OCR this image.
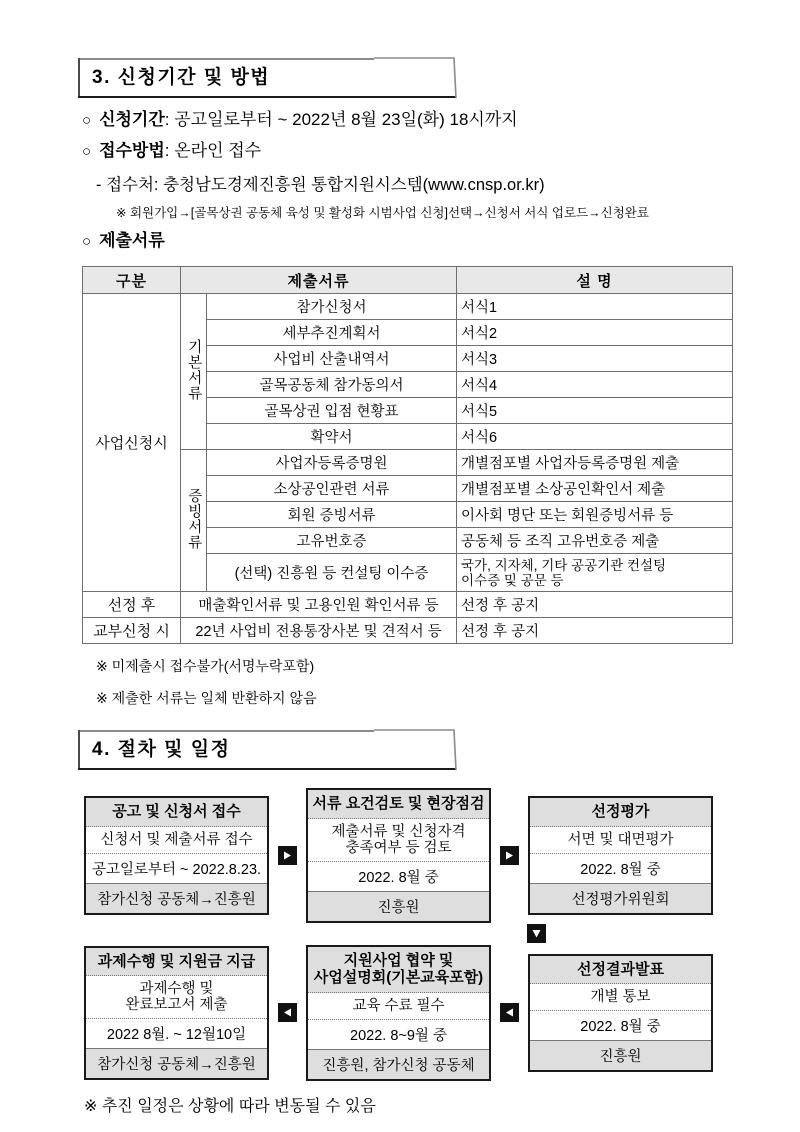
3. 신청기간 및 방법
○ 신청기간: 공고일로부터 ~ 2022년 8월 23일(화) 18시까지
○ 접수방법: 온라인 접수
- 접수처: 충청남도경제진흥원 통합지원시스템(www.cnsp.or.kr)
※ 회원가입→[골목상권 공동체 육성 및 활성화 시범사업 신청]선택→신청서 서식 업로드→신청완료
○ 제출서류
구분	제출서류		설 명
사업신청시	기본서류	참가신청서	서식1
		세부추진계획서	서식2
		사업비 산출내역서	서식3
		골목공동체 참가동의서	서식4
		골목상권 입점 현황표	서식5
		확약서	서식6
	증빙서류	사업자등록증명원	개별점포별 사업자등록증명원 제출
		소상공인관련 서류	개별점포별 소상공인확인서 제출
		회원 증빙서류	이사회 명단 또는 회원증빙서류 등
		고유번호증	공동체 등 조직 고유번호증 제출
		(선택) 진흥원 등 컨설팅 이수증	국가, 지자체, 기타 공공기관 컨설팅
이수증 및 공문 등
선정 후	매출확인서류 및 고용인원 확인서류 등		선정 후 공지
교부신청 시	22년 사업비 전용통장사본 및 견적서 등		선정 후 공지
※ 미제출시 접수불가(서명누락포함)
※ 제출한 서류는 일체 반환하지 않음
4. 절차 및 일정
공고 및 신청서 접수
신청서 및 제출서류 접수
공고일로부터 ~ 2022.8.23.
참가신청 공동체→진흥원
서류 요건검토 및 현장점검
제출서류 및 신청자격
충족여부 등 검토
2022. 8월 중
진흥원
선정평가
서면 및 대면평가
2022. 8월 중
선정평가위원회
과제수행 및 지원금 지급
과제수행 및
완료보고서 제출
2022 8월. ~ 12월10일
참가신청 공동체→진흥원
지원사업 협약 및
사업설명회(기본교육포함)
교육 수료 필수
2022. 8~9월 중
진흥원, 참가신청 공동체
선정결과발표
개별 통보
2022. 8월 중
진흥원
※ 추진 일정은 상황에 따라 변동될 수 있음
